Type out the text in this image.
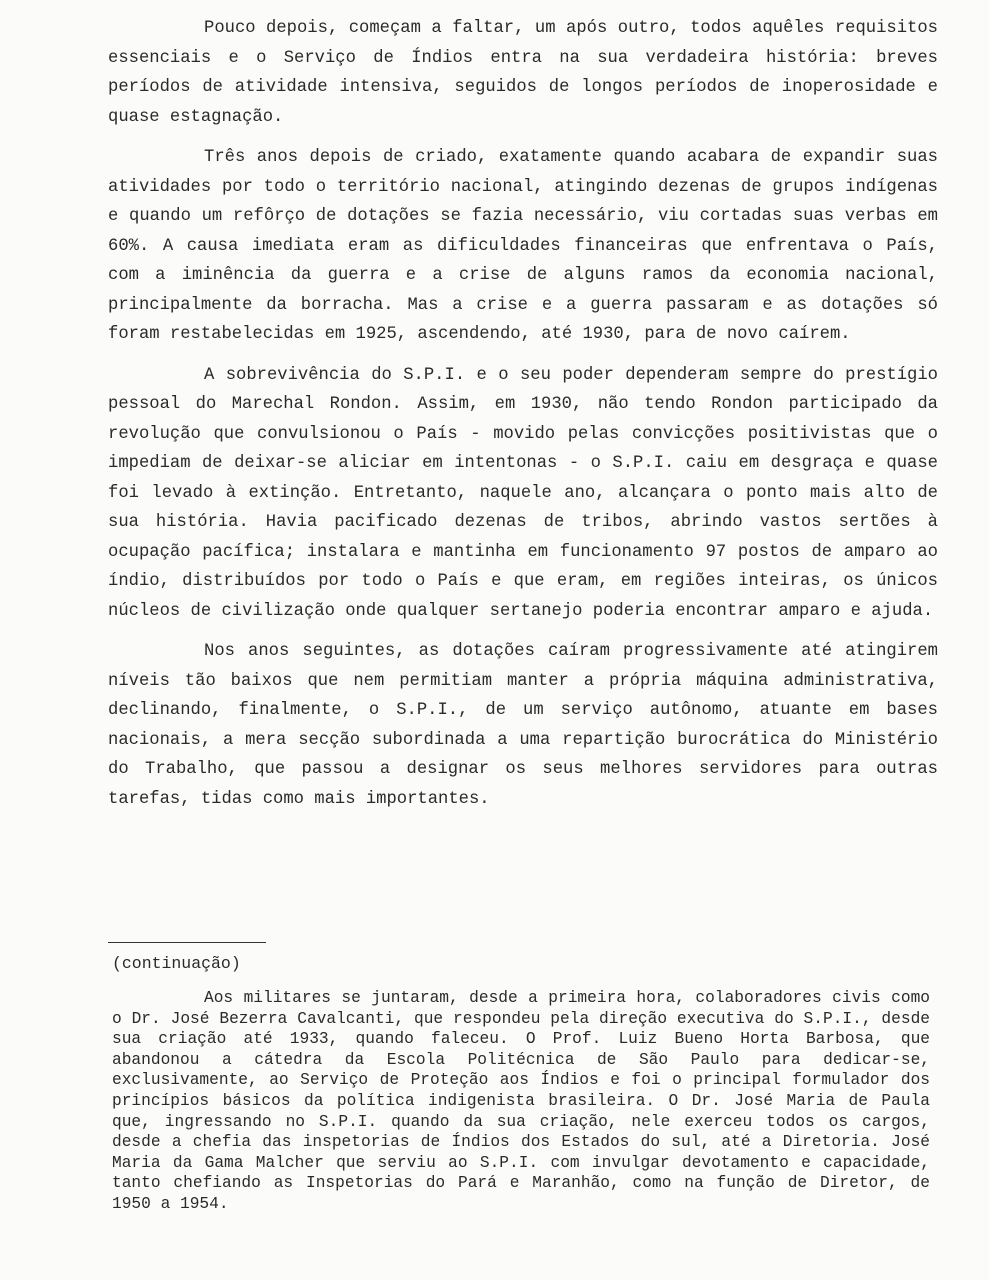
Pouco depois, começam a faltar, um após outro, todos aquêles requisitos essenciais e o Serviço de Índios entra na sua verdadeira história: breves períodos de atividade intensiva, seguidos de longos períodos de inoperosidade e quase estagnação.

Três anos depois de criado, exatamente quando acabara de expandir suas atividades por todo o território nacional, atingindo dezenas de grupos indígenas e quando um refôrço de dotações se fazia necessário, viu cortadas suas verbas em 60%. A causa imediata eram as dificuldades financeiras que enfrentava o País, com a iminência da guerra e a crise de alguns ramos da economia nacional, principalmente da borracha. Mas a crise e a guerra passaram e as dotações só foram restabelecidas em 1925, ascendendo, até 1930, para de novo caírem.

A sobrevivência do S.P.I. e o seu poder dependeram sempre do prestígio pessoal do Marechal Rondon. Assim, em 1930, não tendo Rondon participado da revolução que convulsionou o País - movido pelas convicções positivistas que o impediam de deixar-se aliciar em intentonas - o S.P.I. caiu em desgraça e quase foi levado à extinção. Entretanto, naquele ano, alcançara o ponto mais alto de sua história. Havia pacificado dezenas de tribos, abrindo vastos sertões à ocupação pacífica; instalara e mantinha em funcionamento 97 postos de amparo ao índio, distribuídos por todo o País e que eram, em regiões inteiras, os únicos núcleos de civilização onde qualquer sertanejo poderia encontrar amparo e ajuda.

Nos anos seguintes, as dotações caíram progressivamente até atingirem níveis tão baixos que nem permitiam manter a própria máquina administrativa, declinando, finalmente, o S.P.I., de um serviço autônomo, atuante em bases nacionais, a mera secção subordinada a uma repartição burocrática do Ministério do Trabalho, que passou a designar os seus melhores servidores para outras tarefas, tidas como mais importantes.

(continuação)

Aos militares se juntaram, desde a primeira hora, colaboradores civis como o Dr. José Bezerra Cavalcanti, que respondeu pela direção executiva do S.P.I., desde sua criação até 1933, quando faleceu. O Prof. Luiz Bueno Horta Barbosa, que abandonou a cátedra da Escola Politécnica de São Paulo para dedicar-se, exclusivamente, ao Serviço de Proteção aos Índios e foi o principal formulador dos princípios básicos da política indigenista brasileira. O Dr. José Maria de Paula que, ingressando no S.P.I. quando da sua criação, nele exerceu todos os cargos, desde a chefia das inspetorias de Índios dos Estados do sul, até a Diretoria. José Maria da Gama Malcher que serviu ao S.P.I. com invulgar devotamento e capacidade, tanto chefiando as Inspetorias do Pará e Maranhão, como na função de Diretor, de 1950 a 1954.
